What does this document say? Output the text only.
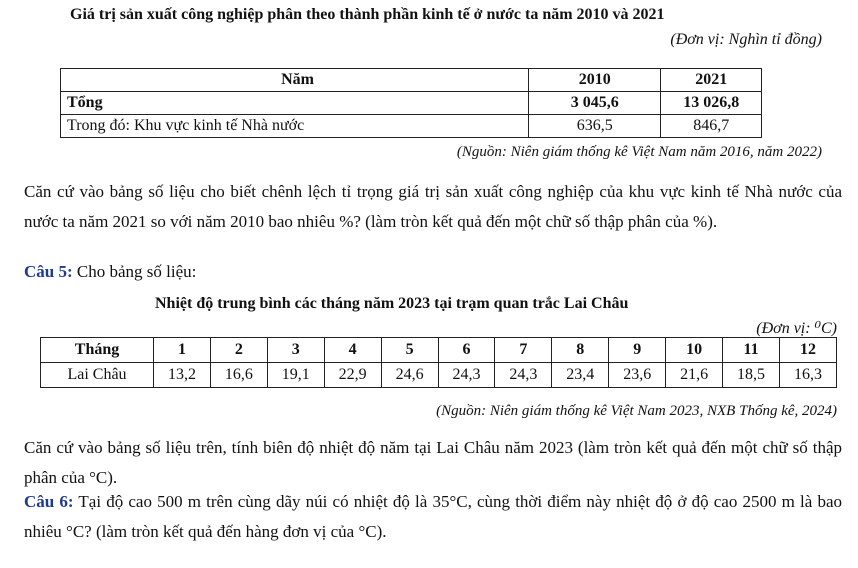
Giá trị sản xuất công nghiệp phân theo thành phần kinh tế ở nước ta năm 2010 và 2021
(Đơn vị: Nghìn tỉ đồng)
Năm	2010	2021
Tổng	3 045,6	13 026,8
Trong đó: Khu vực kinh tế Nhà nước	636,5	846,7
(Nguồn: Niên giám thống kê Việt Nam năm 2016, năm 2022)
Căn cứ vào bảng số liệu cho biết chênh lệch tỉ trọng giá trị sản xuất công nghiệp của khu vực kinh tế Nhà nước của nước ta năm 2021 so với năm 2010 bao nhiêu %? (làm tròn kết quả đến một chữ số thập phân của %).
Câu 5: Cho bảng số liệu:
Nhiệt độ trung bình các tháng năm 2023 tại trạm quan trắc Lai Châu
(Đơn vị: ⁰C)
Tháng	1	2	3	4	5	6	7	8	9	10	11	12
Lai Châu	13,2	16,6	19,1	22,9	24,6	24,3	24,3	23,4	23,6	21,6	18,5	16,3
(Nguồn: Niên giám thống kê Việt Nam 2023, NXB Thống kê, 2024)
Căn cứ vào bảng số liệu trên, tính biên độ nhiệt độ năm tại Lai Châu năm 2023 (làm tròn kết quả đến một chữ số thập phân của °C).
Câu 6: Tại độ cao 500 m trên cùng dãy núi có nhiệt độ là 35°C, cùng thời điểm này nhiệt độ ở độ cao 2500 m là bao nhiêu °C? (làm tròn kết quả đến hàng đơn vị của °C).
